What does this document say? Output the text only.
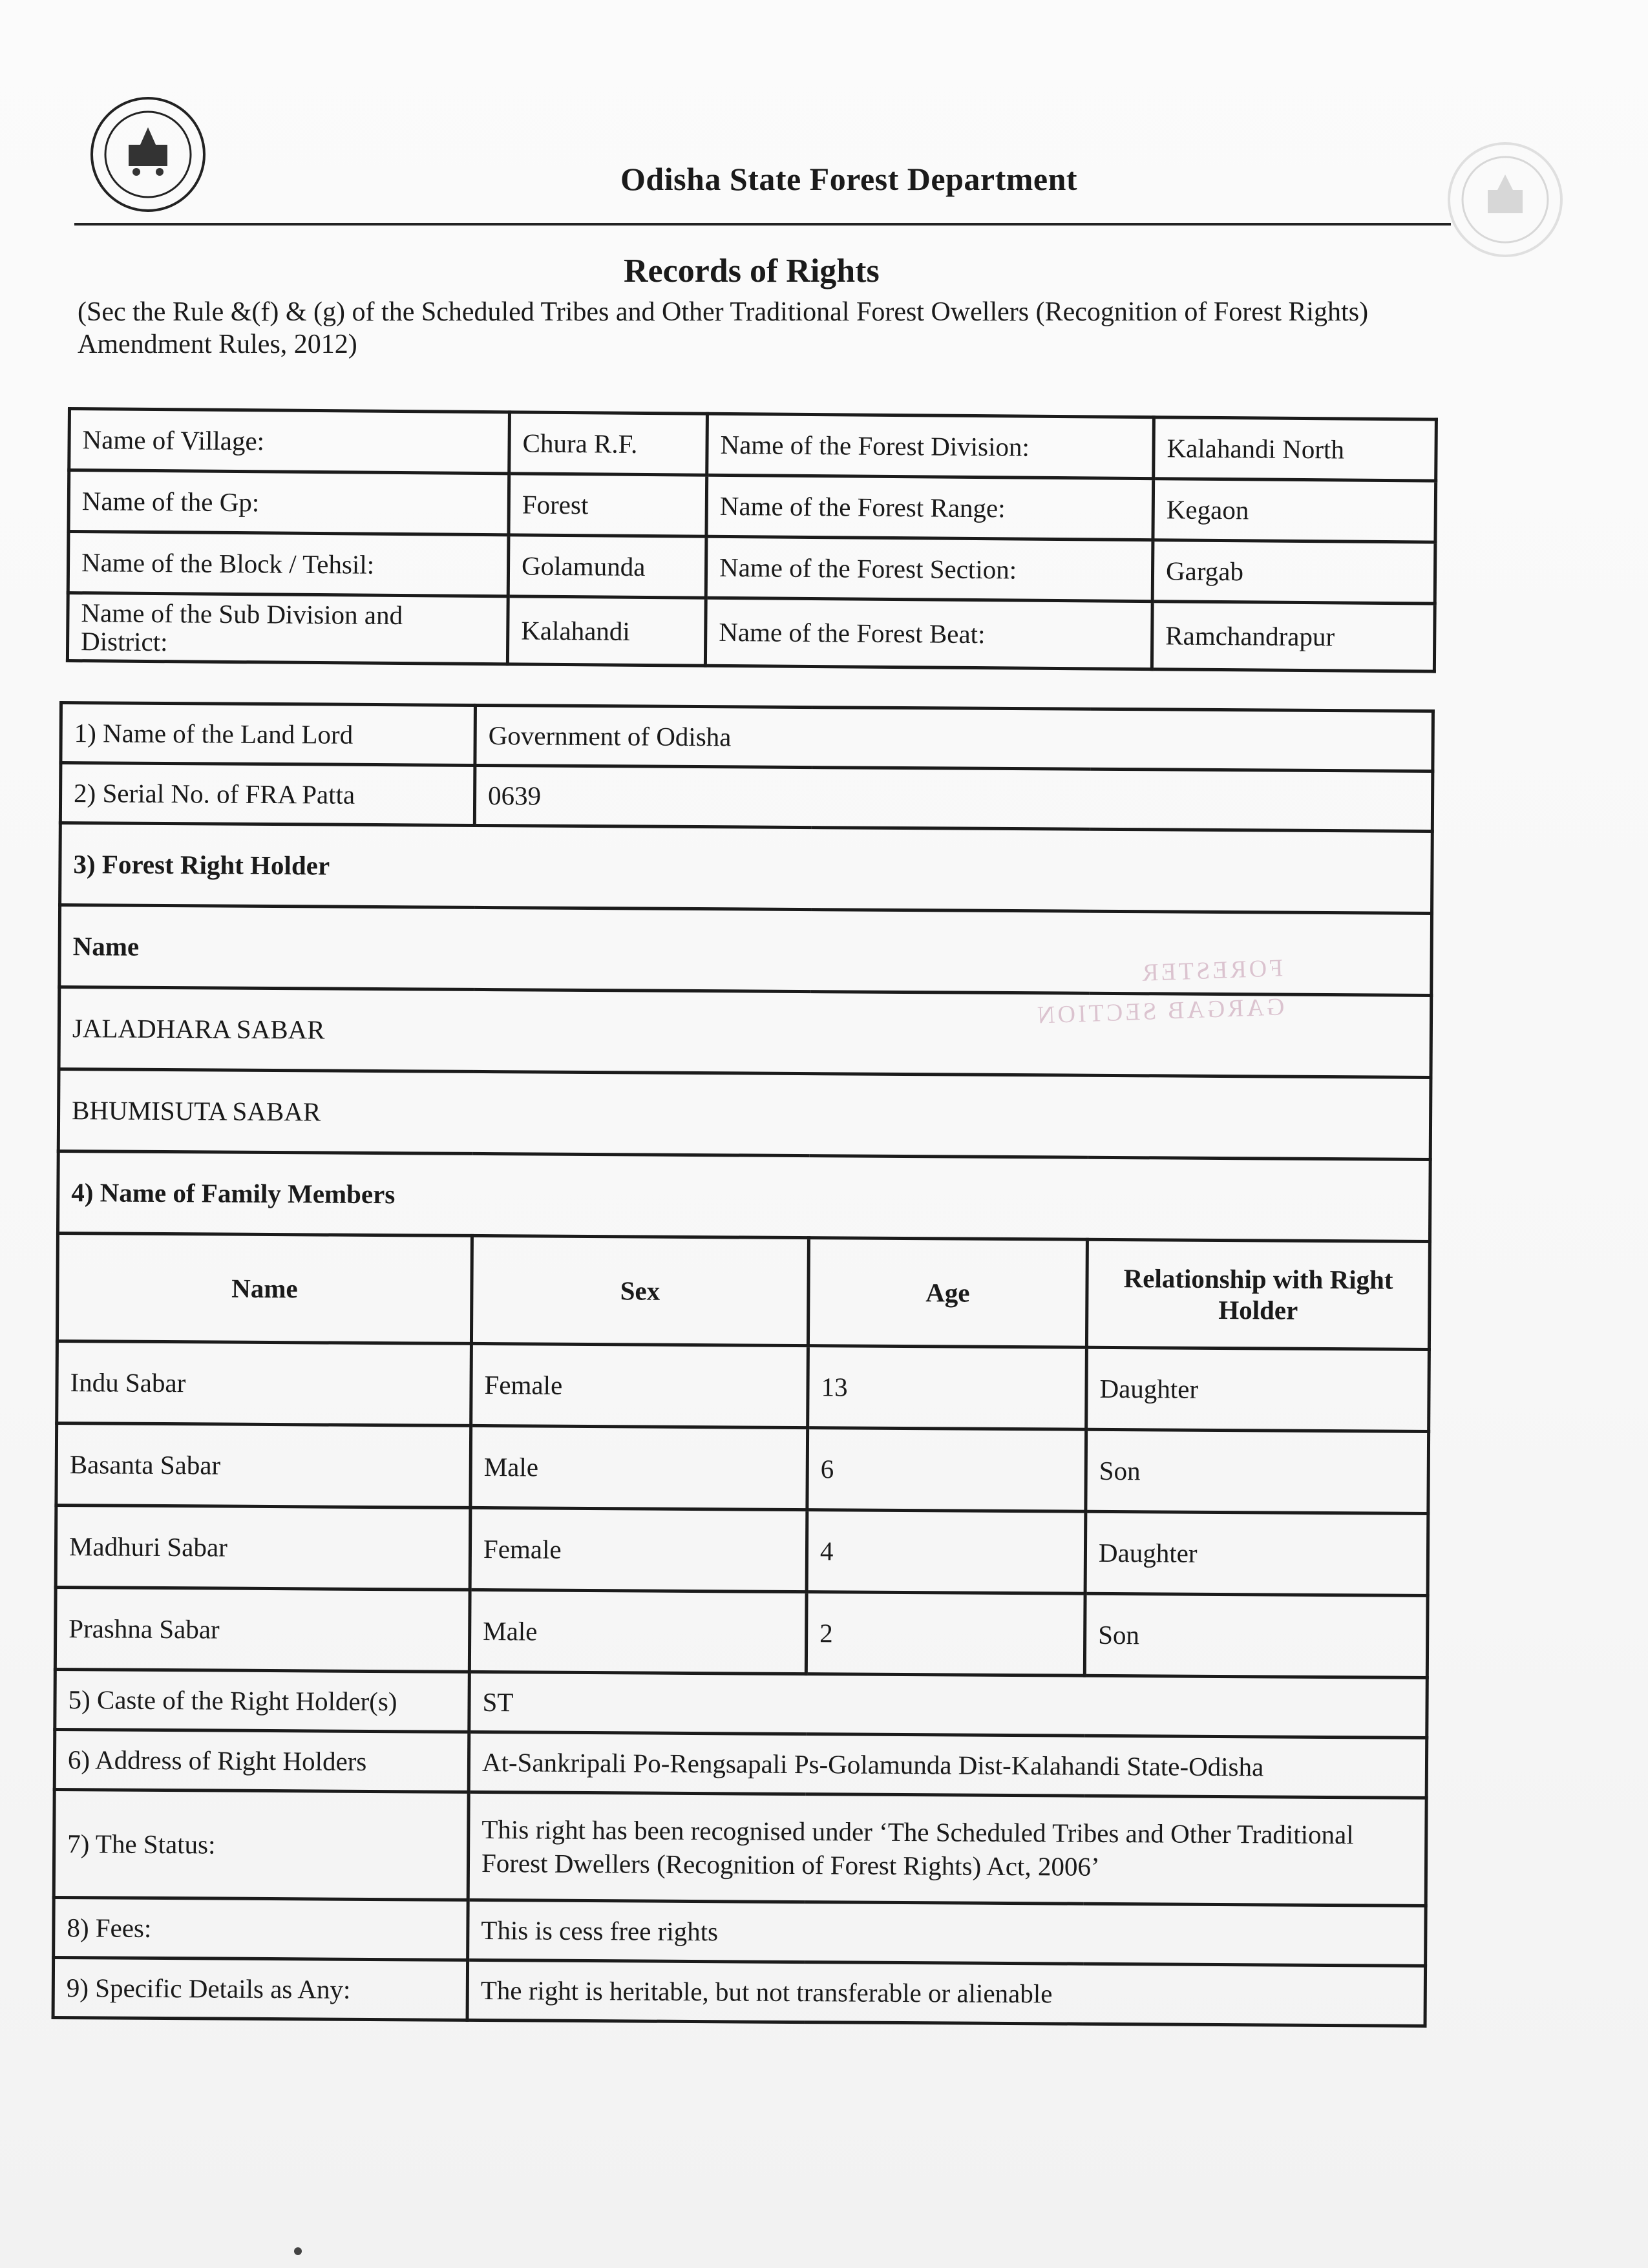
Odisha State Forest Department
Records of Rights
(Sec the Rule &(f) & (g) of the Scheduled Tribes and Other Traditional Forest Owellers (Recognition of Forest Rights) Amendment Rules, 2012)
Name of Village:	Chura R.F.	Name of the Forest Division:	Kalahandi North
Name of the Gp:	Forest	Name of the Forest Range:	Kegaon
Name of the Block / Tehsil:	Golamunda	Name of the Forest Section:	Gargab
Name of the Sub Division and District:	Kalahandi	Name of the Forest Beat:	Ramchandrapur
FORESTER
GARGAB SECTION
1) Name of the Land Lord	Government of Odisha		
2) Serial No. of FRA Patta	0639		
3) Forest Right Holder			
Name			
JALADHARA SABAR			
BHUMISUTA SABAR			
4) Name of Family Members			
Name	Sex	Age	Relationship with Right Holder
Indu Sabar	Female	13	Daughter
Basanta Sabar	Male	6	Son
Madhuri Sabar	Female	4	Daughter
Prashna Sabar	Male	2	Son
5) Caste of the Right Holder(s)	ST		
6) Address of Right Holders	At-Sankripali Po-Rengsapali Ps-Golamunda Dist-Kalahandi State-Odisha		
7) The Status:	This right has been recognised under ‘The Scheduled Tribes and Other Traditional
Forest Dwellers (Recognition of Forest Rights) Act, 2006’		

8) Fees:	This is cess free rights		
9) Specific Details as Any:	The right is heritable, but not transferable or alienable		
